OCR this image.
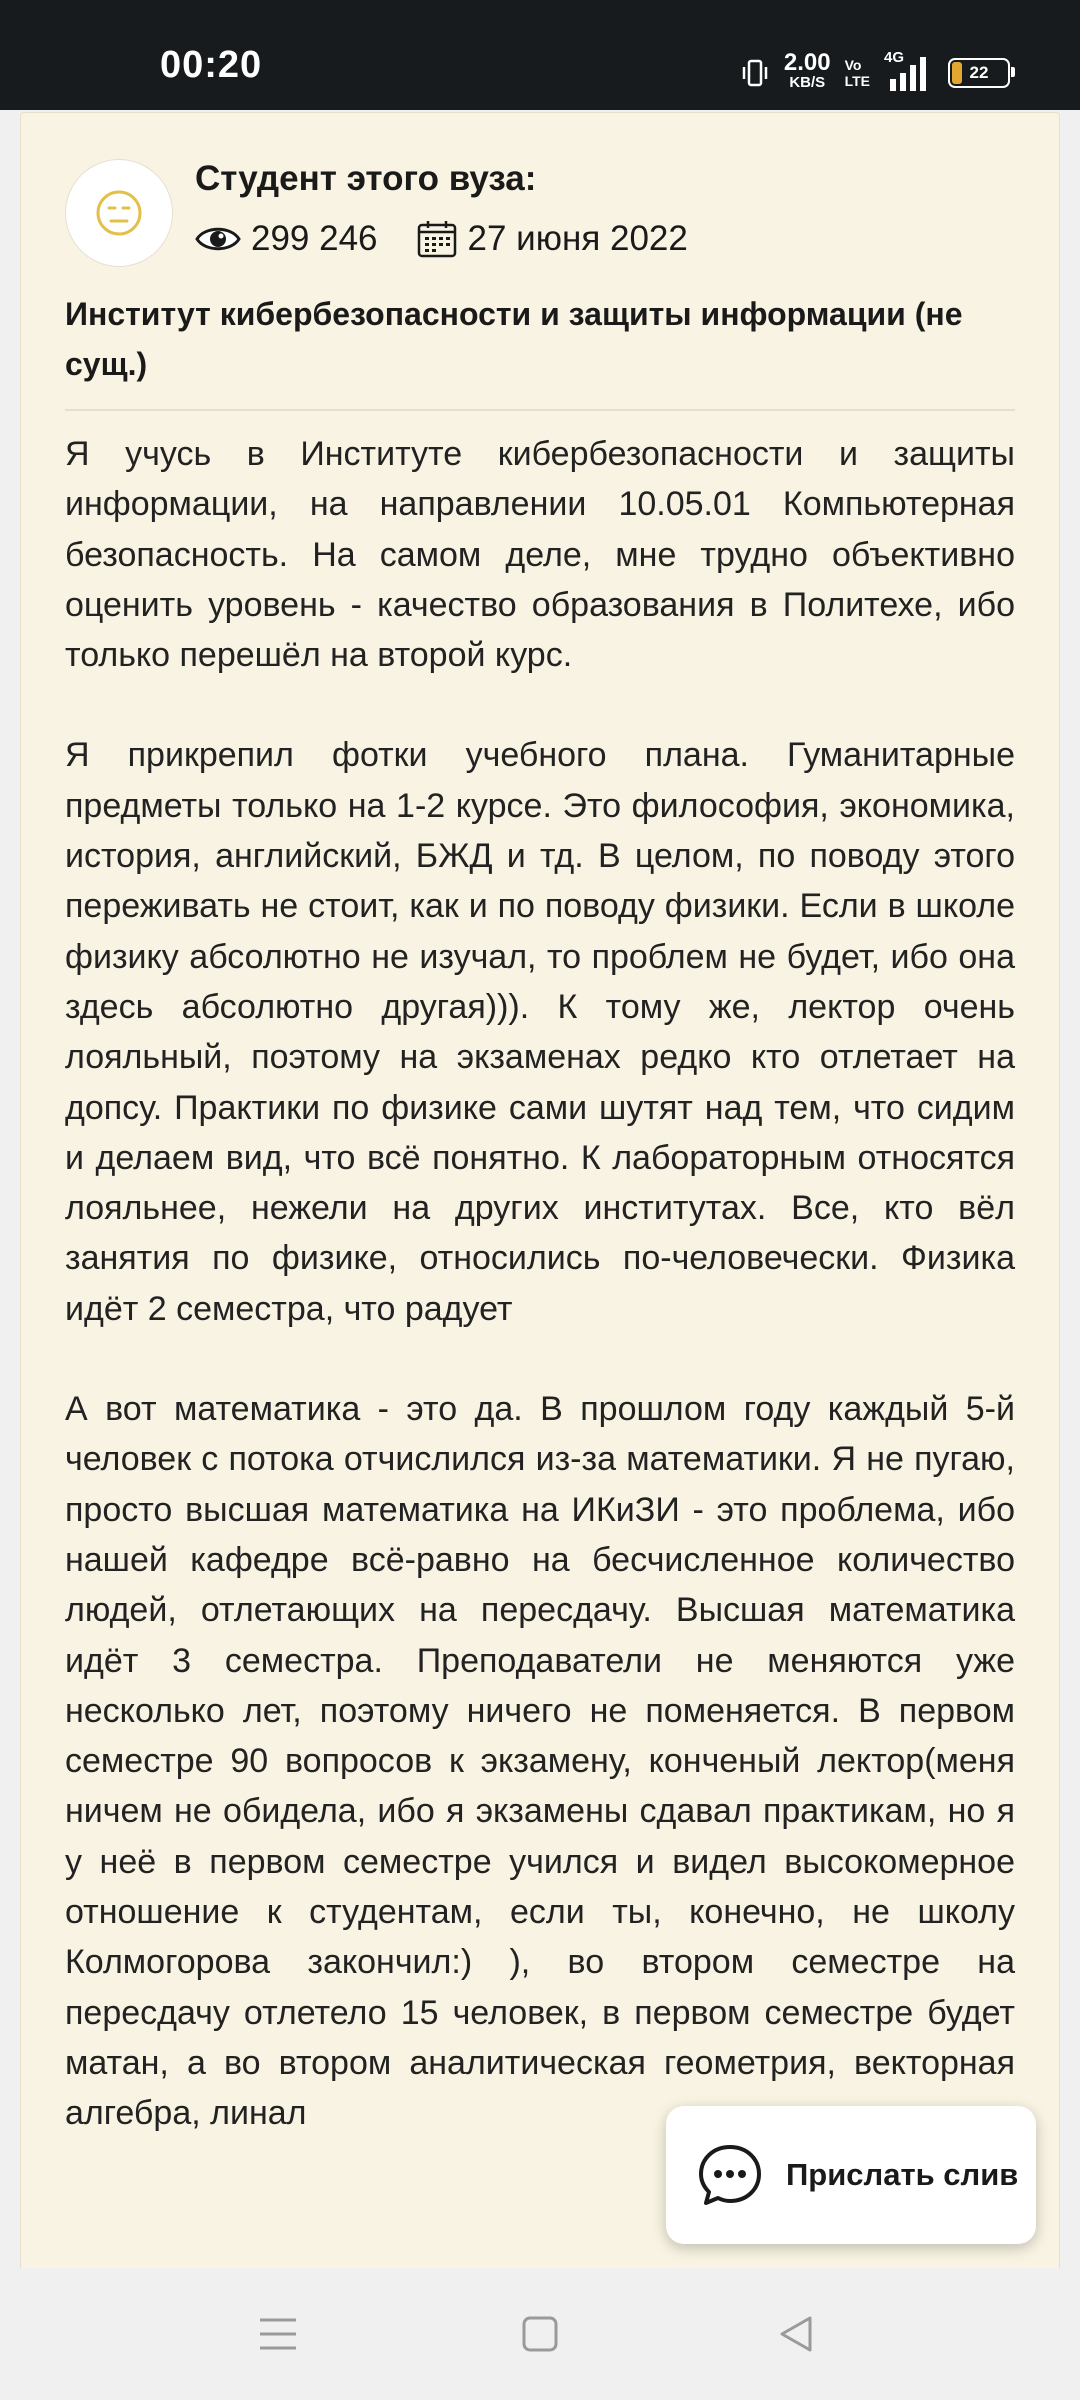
00:20	2.00
KB/S
Vo
LTE
4G
22
Студент этого вуза:
299 246	27 июня 2022
Институт кибербезопасности и защиты информации (не сущ.)

Я учусь в Институте кибербезопасности и защиты информации, на направлении 10.05.01 Компьютерная безопасность. На самом деле, мне трудно объективно оценить уровень - качество образования в Политехе, ибо только перешёл на второй курс.

Я прикрепил фотки учебного плана. Гуманитарные предметы только на 1-2 курсе. Это философия, экономика, история, английский, БЖД и тд. В целом, по поводу этого переживать не стоит, как и по поводу физики. Если в школе физику абсолютно не изучал, то проблем не будет, ибо она здесь абсолютно другая))). К тому же, лектор очень лояльный, поэтому на экзаменах редко кто отлетает на допсу. Практики по физике сами шутят над тем, что сидим и делаем вид, что всё понятно. К лабораторным относятся лояльнее, нежели на других институтах. Все, кто вёл занятия по физике, относились по-человечески. Физика идёт 2 семестра, что радует

А вот математика - это да. В прошлом году каждый 5-й человек с потока отчислился из-за математики. Я не пугаю, просто высшая математика на ИКиЗИ - это проблема, ибо нашей кафедре всё-равно на бесчисленное количество людей, отлетающих на пересдачу. Высшая математика идёт 3 семестра. Преподаватели не меняются уже несколько лет, поэтому ничего не поменяется. В первом семестре 90 вопросов к экзамену, конченый лектор(меня ничем не обидела, ибо я экзамены сдавал практикам, но я у неё в первом семестре учился и видел высокомерное отношение к студентам, если ты, конечно, не школу Колмогорова закончил:) ), во втором семестре на пересдачу отлетело 15 человек, в первом семестре будет матан, а во втором аналитическая геометрия, векторная алгебра, линал

Прислать слив
